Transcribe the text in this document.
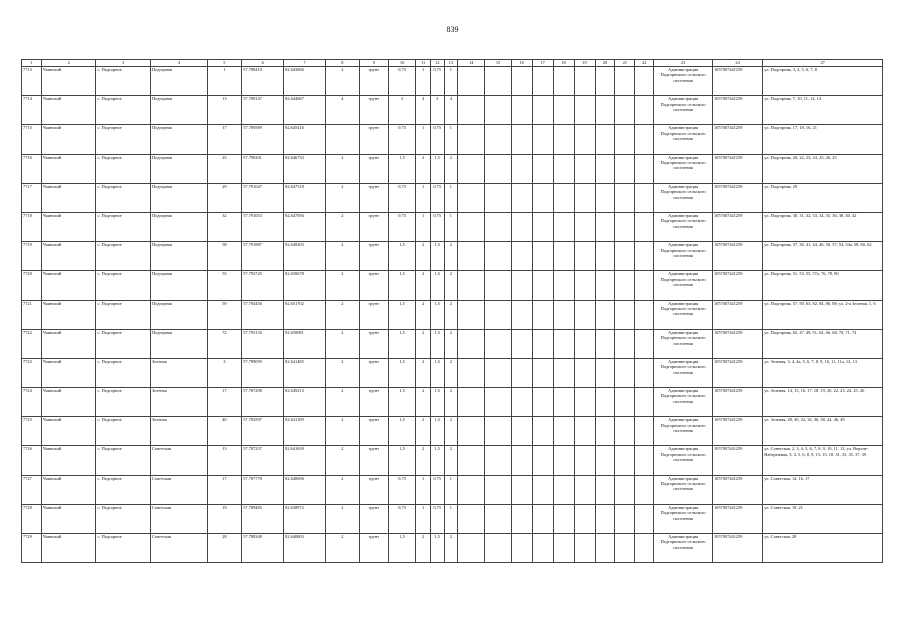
839
1	2	3	4	5	6	7	8	9	10	11	12	13	14	15	16	17	18	19	20	21	22	23	24	27
7713	Чаинский	с. Подгорное	Подгорная	1	57.788410	82.643066	2	грунт	0,75	1	0,75	1										Администрация Подгорнского сельского поселения	1057007441259	ул. Подгорная, 3, 4, 5, 6, 7, 8
7714	Чаинский	с. Подгорное	Подгорная	13	57.789147	82.644667	4	грунт	3	4	3	4										Администрация Подгорнского сельского поселения	1057007441259	ул. Подгорная, 7, 10, 11, 12, 14
7715	Чаинский	с. Подгорное	Подгорная	17	57.789589	82.645416		грунт	0,75	1	0,75	1										Администрация Подгорнского сельского поселения	1057007441259	ул. Подгорная, 17, 18, 16, 21
7716	Чаинский	с. Подгорное	Подгорная	25	57.790201	82.646733	2	грунт	1,5	2	1,5	2										Администрация Подгорнского сельского поселения	1057007441259	ул. Подгорная, 20, 22, 23, 24, 25, 26, 25
7717	Чаинский	с. Подгорное	Подгорная	29	57.791047	82.647518	2	грунт	0,75	1	0,75	1										Администрация Подгорнского сельского поселения	1057007441259	ул. Подгорная, 29
7718	Чаинский	с. Подгорное	Подгорная	32	57.791053	82.647856	2	грунт	0,75	1	0,75	1										Администрация Подгорнского сельского поселения	1057007441259	ул. Подгорная, 30, 31, 32, 33, 34, 35, 36, 38, 40, 42
7719	Чаинский	с. Подгорное	Подгорная	58	57.791887	82.649203	2	грунт	1,5	2	1,5	2										Администрация Подгорнского сельского поселения	1057007441259	ул. Подгорная, 37, 39, 41, 44, 46, 50, 57, 54, 54а, 58, 60, 62
7720	Чаинский	с. Подгорное	Подгорная	55	57.793725	82.650678	2	грунт	1,5	2	1,5	2										Администрация Подгорнского сельского поселения	1057007441259	ул. Подгорная, 51, 53, 55, 57а, 76, 78, 80
7721	Чаинский	с. Подгорное	Подгорная	59	57.794456	82.651702	2	грунт	1,5	2	1,5	2										Администрация Подгорнского сельского поселения	1057007441259	ул. Подгорная, 57, 59, 63, 82, 84, 86, 88; ул. 2-я Зеленая, 1, 6
7722	Чаинский	с. Подгорное	Подгорная	72	57.793135	82.650081	2	грунт	1,5	2	1,5	2										Администрация Подгорнского сельского поселения	1057007441259	ул. Подгорная, 65, 47, 49, 51, 64, 66, 68, 70, 71, 74
7723	Чаинский	с. Подгорное	Зеленая	3	57.789059	82.641485	2	грунт	1,5	2	1,5	2										Администрация Подгорнского сельского поселения	1057007441259	ул. Зеленая, 3, 4, 4а, 5, 6, 7, 8, 9, 10, 11, 11а, 12, 13
7724	Чаинский	с. Подгорное	Зеленая	17	57.787298	82.649213	2	грунт	1,5	2	1,5	2										Администрация Подгорнского сельского поселения	1057007441259	ул. Зеленая, 14, 15, 16, 17, 18, 19, 20, 22, 23, 24, 25, 26
7725	Чаинский	с. Подгорное	Зеленая	40	57.783597	82.631109	2	грунт	1,5	2	1,5	2										Администрация Подгорнского сельского поселения	1057007441259	ул. Зеленая, 28, 30, 32, 34, 36, 38, 44, 46, 49
7726	Чаинский	с. Подгорное	Советская	13	57.787237	82.641639	2	грунт	1,5	2	1,5	2										Администрация Подгорнского сельского поселения	1057007441259	ул. Советская, 2, 3, 4, 5, 6, 7, 8, 9, 10, 11, 12; ул. Верхне-Набережная, 3, 4, 5, 6, 8, 9, 13, 15, 18, 31, 33, 35, 37, 39
7727	Чаинский	с. Подгорное	Советская	17	57.787778	82.640696	2	грунт	0,75	1	0,75	1										Администрация Подгорнского сельского поселения	1057007441259	ул. Советская, 14, 16, 17
7728	Чаинский	с. Подгорное	Советская	19	57.789485	82.638972	2	грунт	0,75	1	0,75	1										Администрация Подгорнского сельского поселения	1057007441259	ул. Советская, 19, 21
7729	Чаинский	с. Подгорное	Советская	28	57.788348	82.640803	2	грунт	1,5	2	1,5	2										Администрация Подгорнского сельского поселения	1057007441259	ул. Советская, 28
